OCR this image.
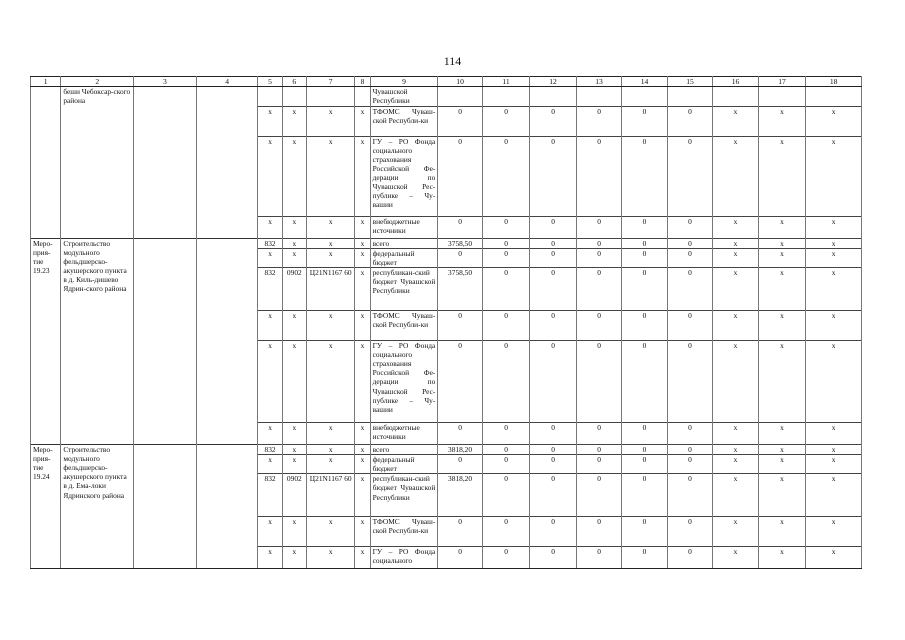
114
1	2	3	4	5	6	7	8	9	10	11	12	13	14	15	16	17	18
	беши Чебоксар-ского района							Чувашской Республики									
				x	x	x	x	ТФОМС Чуваш-ской Республи-ки	0	0	0	0	0	0	x	x	x
				x	x	x	x	ГУ – РО Фонда социального страхования Российской Фе-дерации по Чувашской Рес-публике – Чу-вашии	0	0	0	0	0	0	x	x	x
				x	x	x	x	внебюджетные источники	0	0	0	0	0	0	x	x	x
Меро-прия-тие 19.23	Строительство модульного фельдшерско-акушерского пункта в д. Киль-дишево Ядрин-ского района			832	x	x	x	всего	3758,50	0	0	0	0	0	x	x	x
				x	x	x	x	федеральный бюджет	0	0	0	0	0	0	x	x	x
				832	0902	Ц21N1167 60	x	республикан-ский бюджет Чувашской Республики	3758,50	0	0	0	0	0	x	x	x
				x	x	x	x	ТФОМС Чуваш-ской Республи-ки	0	0	0	0	0	0	x	x	x
				x	x	x	x	ГУ – РО Фонда социального страхования Российской Фе-дерации по Чувашской Рес-публике – Чу-вашии	0	0	0	0	0	0	x	x	x
				x	x	x	x	внебюджетные источники	0	0	0	0	0	0	x	x	x
Меро-прия-тие 19.24	Строительство модульного фельдшерско-акушерского пункта в д. Ема-локи Ядринского района			832	x	x	x	всего	3818,20	0	0	0	0	0	x	x	x
				x	x	x	x	федеральный бюджет	0	0	0	0	0	0	x	x	x
				832	0902	Ц21N1167 60	x	республикан-ский бюджет Чувашской Республики	3818,20	0	0	0	0	0	x	x	x
				x	x	x	x	ТФОМС Чуваш-ской Республи-ки	0	0	0	0	0	0	x	x	x
				x	x	x	x	ГУ – РО Фонда социального	0	0	0	0	0	0	x	x	x
